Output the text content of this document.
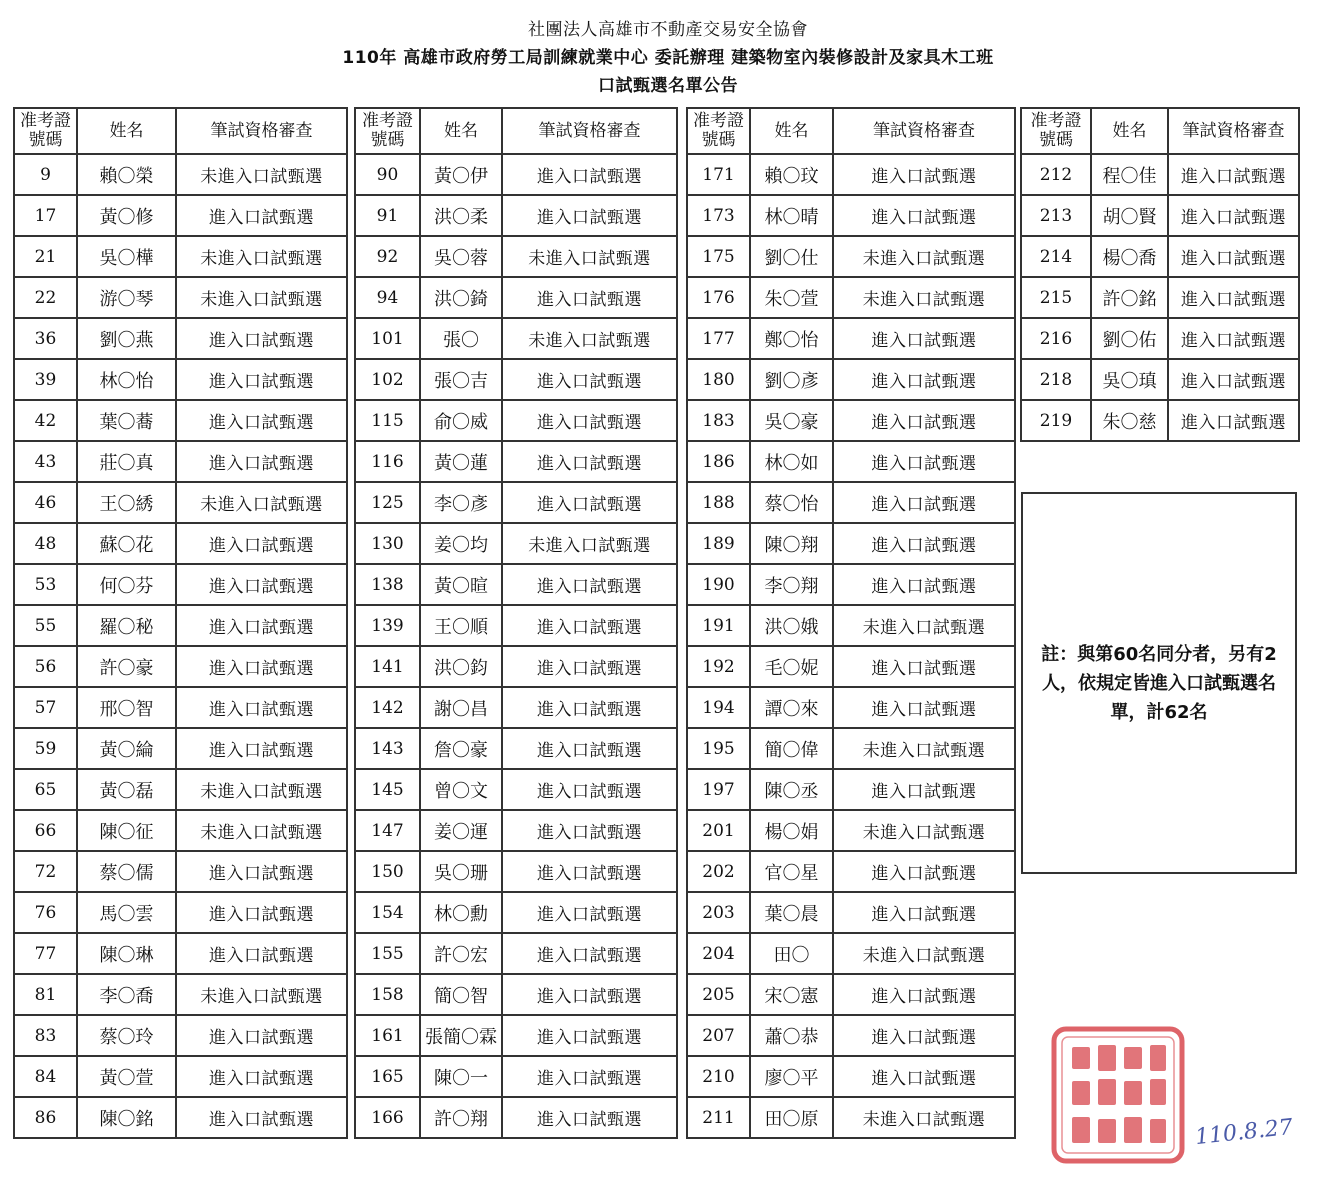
社團法人高雄市不動產交易安全協會
110年 高雄市政府勞工局訓練就業中心 委託辦理 建築物室內裝修設計及家具木工班
口試甄選名單公告
准考證
號碼	姓名	筆試資格審查
9	賴〇榮	未進入口試甄選
17	黃〇修	進入口試甄選
21	吳〇樺	未進入口試甄選
22	游〇琴	未進入口試甄選
36	劉〇燕	進入口試甄選
39	林〇怡	進入口試甄選
42	葉〇蕎	進入口試甄選
43	莊〇真	進入口試甄選
46	王〇綉	未進入口試甄選
48	蘇〇花	進入口試甄選
53	何〇芬	進入口試甄選
55	羅〇秘	進入口試甄選
56	許〇豪	進入口試甄選
57	邢〇智	進入口試甄選
59	黃〇綸	進入口試甄選
65	黃〇磊	未進入口試甄選
66	陳〇征	未進入口試甄選
72	蔡〇儒	進入口試甄選
76	馬〇雲	進入口試甄選
77	陳〇琳	進入口試甄選
81	李〇喬	未進入口試甄選
83	蔡〇玲	進入口試甄選
84	黃〇萱	進入口試甄選
86	陳〇銘	進入口試甄選
准考證
號碼	姓名	筆試資格審查
90	黃〇伊	進入口試甄選
91	洪〇柔	進入口試甄選
92	吳〇蓉	未進入口試甄選
94	洪〇錡	進入口試甄選
101	張〇	未進入口試甄選
102	張〇吉	進入口試甄選
115	俞〇威	進入口試甄選
116	黃〇蓮	進入口試甄選
125	李〇彥	進入口試甄選
130	姜〇均	未進入口試甄選
138	黃〇暄	進入口試甄選
139	王〇順	進入口試甄選
141	洪〇鈞	進入口試甄選
142	謝〇昌	進入口試甄選
143	詹〇豪	進入口試甄選
145	曾〇文	進入口試甄選
147	姜〇運	進入口試甄選
150	吳〇珊	進入口試甄選
154	林〇勳	進入口試甄選
155	許〇宏	進入口試甄選
158	簡〇智	進入口試甄選
161	張簡〇霖	進入口試甄選
165	陳〇一	進入口試甄選
166	許〇翔	進入口試甄選
准考證
號碼	姓名	筆試資格審查
171	賴〇玟	進入口試甄選
173	林〇晴	進入口試甄選
175	劉〇仕	未進入口試甄選
176	朱〇萱	未進入口試甄選
177	鄭〇怡	進入口試甄選
180	劉〇彥	進入口試甄選
183	吳〇豪	進入口試甄選
186	林〇如	進入口試甄選
188	蔡〇怡	進入口試甄選
189	陳〇翔	進入口試甄選
190	李〇翔	進入口試甄選
191	洪〇娥	未進入口試甄選
192	毛〇妮	進入口試甄選
194	譚〇來	進入口試甄選
195	簡〇偉	未進入口試甄選
197	陳〇丞	進入口試甄選
201	楊〇娟	未進入口試甄選
202	官〇星	進入口試甄選
203	葉〇晨	進入口試甄選
204	田〇	未進入口試甄選
205	宋〇憲	進入口試甄選
207	蕭〇恭	進入口試甄選
210	廖〇平	進入口試甄選
211	田〇原	未進入口試甄選
准考證
號碼	姓名	筆試資格審查
212	程〇佳	進入口試甄選
213	胡〇賢	進入口試甄選
214	楊〇喬	進入口試甄選
215	許〇銘	進入口試甄選
216	劉〇佑	進入口試甄選
218	吳〇瑱	進入口試甄選
219	朱〇慈	進入口試甄選
註：與第60名同分者，另有2人，依規定皆進入口試甄選名單，計62名
110.8.27
